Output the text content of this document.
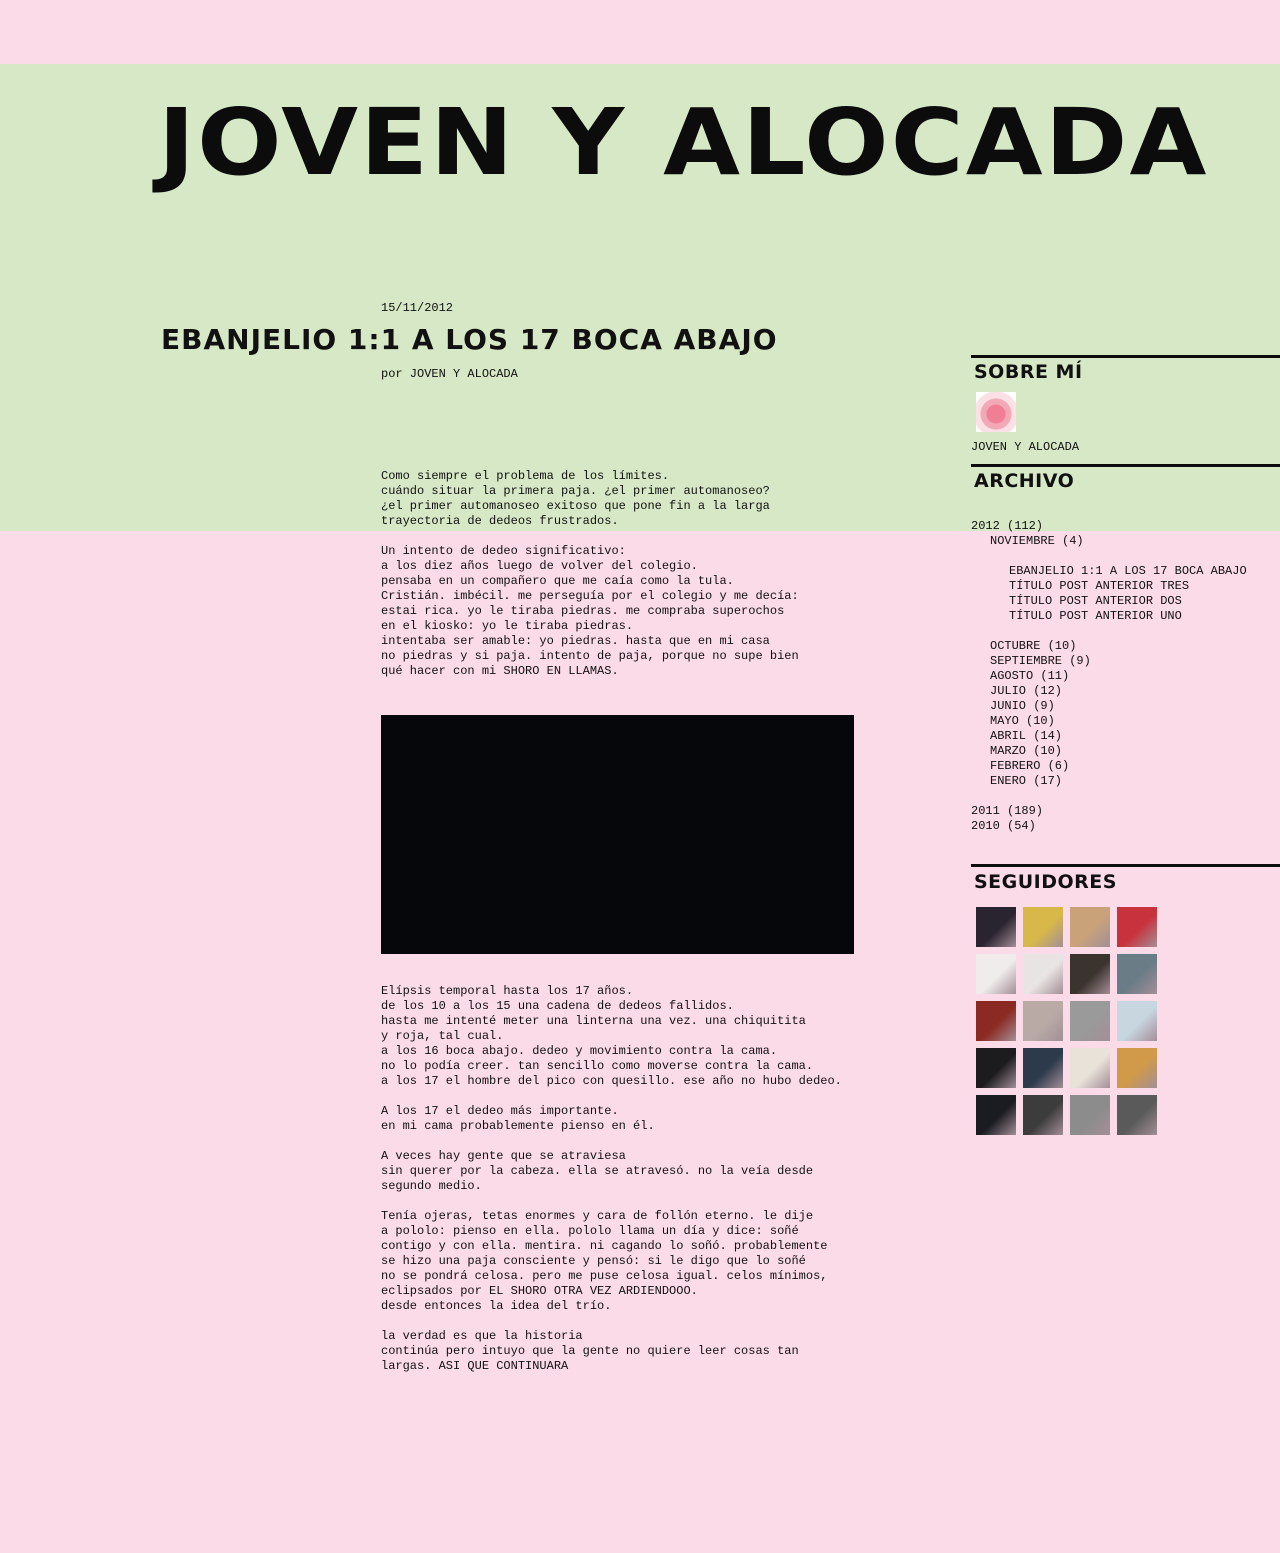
JOVEN Y ALOCADA
15/11/2012
EBANJELIO 1:1 A LOS 17 BOCA ABAJO
por JOVEN Y ALOCADA

Como siempre el problema de los límites.
cuándo situar la primera paja. ¿el primer automanoseo?
¿el primer automanoseo exitoso que pone fin a la larga
trayectoria de dedeos frustrados.

Un intento de dedeo significativo:
a los diez años luego de volver del colegio.
pensaba en un compañero que me caía como la tula.
Cristián. imbécil. me perseguía por el colegio y me decía:
estai rica. yo le tiraba piedras. me compraba superochos
en el kiosko: yo le tiraba piedras.
intentaba ser amable: yo piedras. hasta que en mi casa
no piedras y si paja. intento de paja, porque no supe bien
qué hacer con mi SHORO EN LLAMAS.

Elípsis temporal hasta los 17 años.
de los 10 a los 15 una cadena de dedeos fallidos.
hasta me intenté meter una linterna una vez. una chiquitita
y roja, tal cual.
a los 16 boca abajo. dedeo y movimiento contra la cama.
no lo podía creer. tan sencillo como moverse contra la cama.
a los 17 el hombre del pico con quesillo. ese año no hubo dedeo.

A los 17 el dedeo más importante.
en mi cama probablemente pienso en él.

A veces hay gente que se atraviesa
sin querer por la cabeza. ella se atravesó. no la veía desde
segundo medio.

Tenía ojeras, tetas enormes y cara de follón eterno. le dije
a pololo: pienso en ella. pololo llama un día y dice: soñé
contigo y con ella. mentira. ni cagando lo soñó. probablemente
se hizo una paja consciente y pensó: si le digo que lo soñé
no se pondrá celosa. pero me puse celosa igual. celos mínimos,
eclipsados por EL SHORO OTRA VEZ ARDIENDOOO.
desde entonces la idea del trío.

la verdad es que la historia
continúa pero intuyo que la gente no quiere leer cosas tan
largas. ASI QUE CONTINUARA

SOBRE MÍ
JOVEN Y ALOCADA
ARCHIVO
2012 (112)
NOVIEMBRE (4)
EBANJELIO 1:1 A LOS 17 BOCA ABAJO
TÍTULO POST ANTERIOR TRES
TÍTULO POST ANTERIOR DOS
TÍTULO POST ANTERIOR UNO
OCTUBRE (10)
SEPTIEMBRE (9)
AGOSTO (11)
JULIO (12)
JUNIO (9)
MAYO (10)
ABRIL (14)
MARZO (10)
FEBRERO (6)
ENERO (17)
2011 (189)
2010 (54)
SEGUIDORES
